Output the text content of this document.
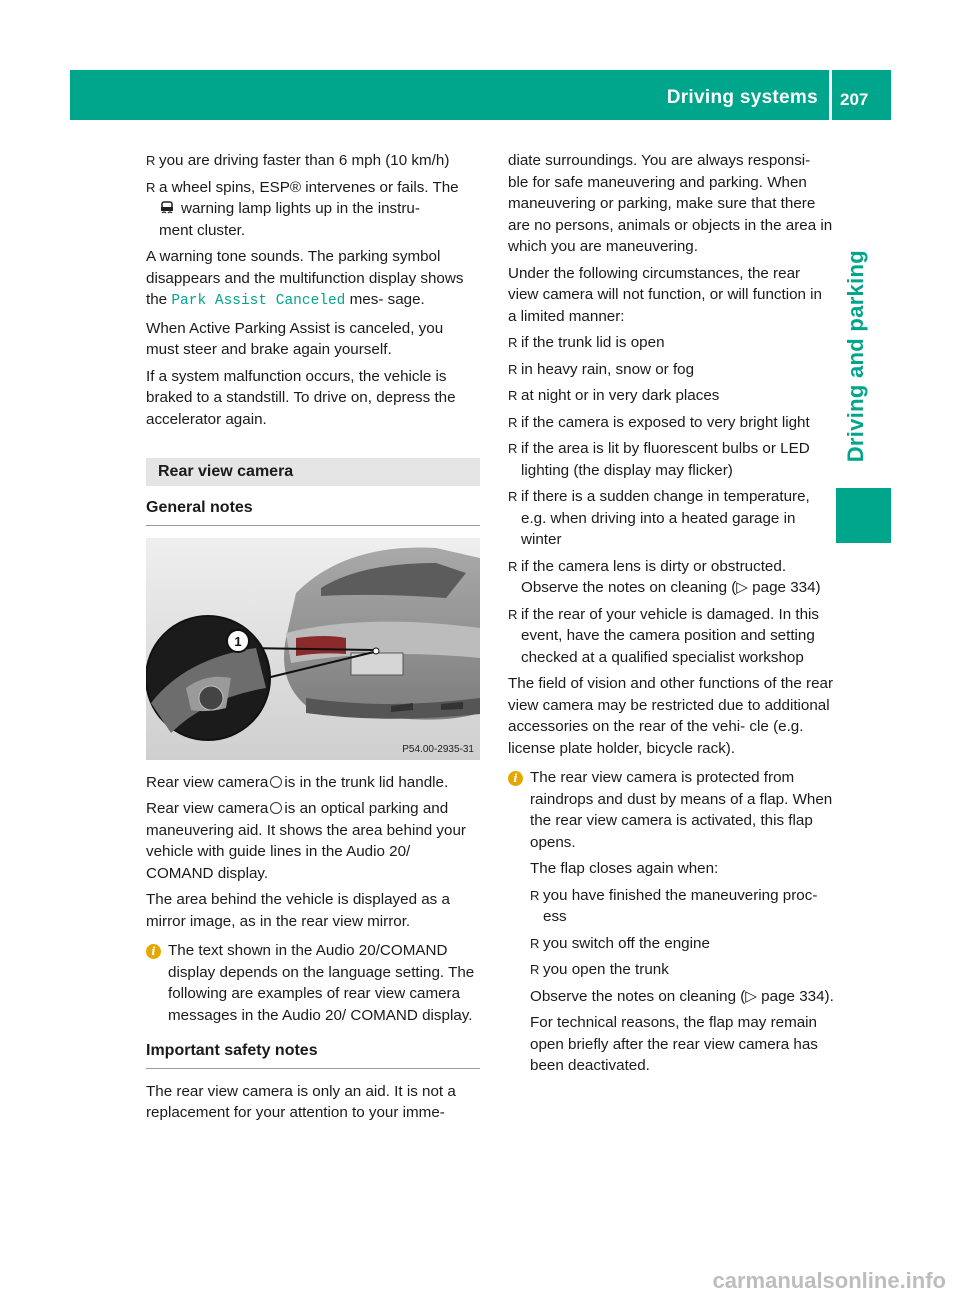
Driving systems 207
Driving and parking
R you are driving faster than 6 mph (10 km/h)
R a wheel spins, ESP® intervenes or fails. The
warning lamp lights up in the instru-
ment cluster.

A warning tone sounds. The parking symbol disappears and the multifunction display shows the Park Assist Canceled mes- sage.

When Active Parking Assist is canceled, you must steer and brake again yourself.

If a system malfunction occurs, the vehicle is braked to a standstill. To drive on, depress the accelerator again.

Rear view camera
General notes
1
P54.00-2935-31

Rear view camera is in the trunk lid handle.

Rear view camera is an optical parking and maneuvering aid. It shows the area behind your vehicle with guide lines in the Audio 20/ COMAND display.

The area behind the vehicle is displayed as a mirror image, as in the rear view mirror.

i The text shown in the Audio 20/COMAND display depends on the language setting. The following are examples of rear view camera messages in the Audio 20/ COMAND display.
Important safety notes

The rear view camera is only an aid. It is not a replacement for your attention to your imme-

diate surroundings. You are always responsi- ble for safe maneuvering and parking. When maneuvering or parking, make sure that there are no persons, animals or objects in the area in which you are maneuvering.

Under the following circumstances, the rear view camera will not function, or will function in a limited manner:

R if the trunk lid is open
R in heavy rain, snow or fog
R at night or in very dark places
R if the camera is exposed to very bright light
R if the area is lit by fluorescent bulbs or LED lighting (the display may flicker)
R if there is a sudden change in temperature, e.g. when driving into a heated garage in winter
R if the camera lens is dirty or obstructed. Observe the notes on cleaning (▷ page 334)
R if the rear of your vehicle is damaged. In this event, have the camera position and setting checked at a qualified specialist workshop

The field of vision and other functions of the rear view camera may be restricted due to additional accessories on the rear of the vehi- cle (e.g. license plate holder, bicycle rack).

i The rear view camera is protected from raindrops and dust by means of a flap. When the rear view camera is activated, this flap opens.

The flap closes again when:

R you have finished the maneuvering proc- ess
R you switch off the engine
R you open the trunk

Observe the notes on cleaning (▷ page 334).

For technical reasons, the flap may remain open briefly after the rear view camera has been deactivated.

carmanualsonline.info
